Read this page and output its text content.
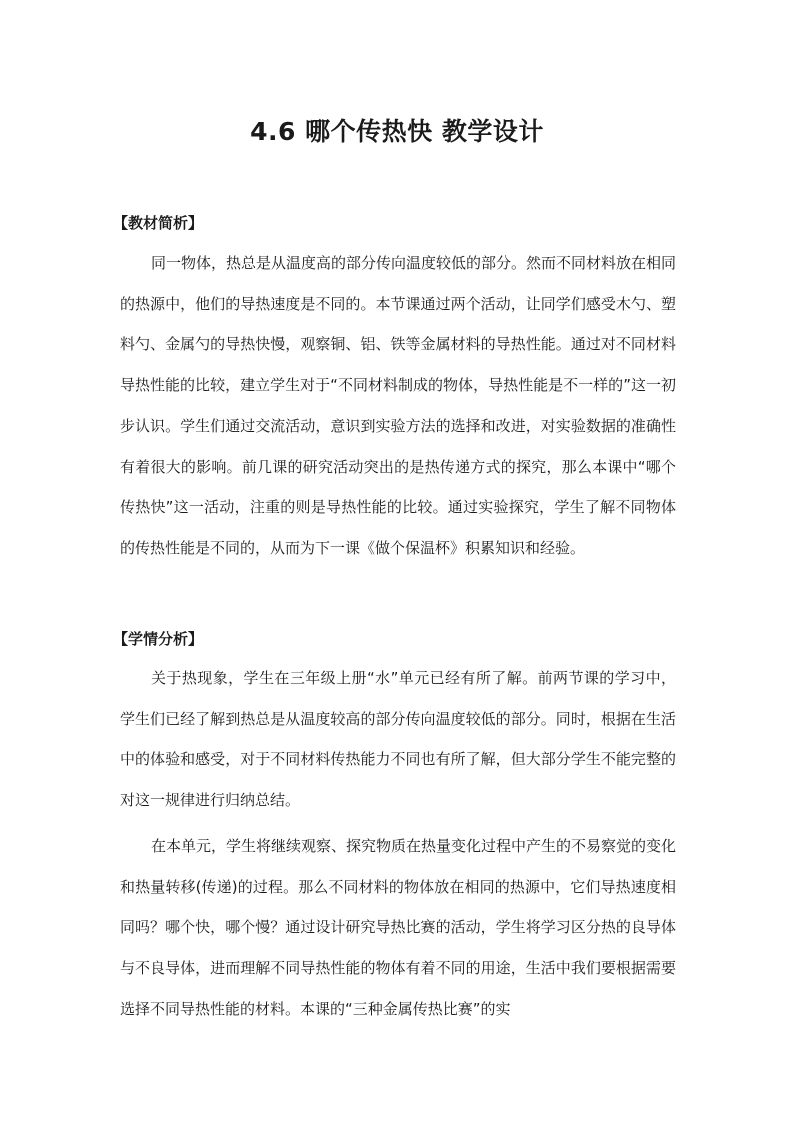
4.6 哪个传热快 教学设计
【教材简析】

同一物体，热总是从温度高的部分传向温度较低的部分。然而不同材料放在相同的热源中，他们的导热速度是不同的。本节课通过两个活动，让同学们感受木勺、塑料勺、金属勺的导热快慢，观察铜、铝、铁等金属材料的导热性能。通过对不同材料导热性能的比较，建立学生对于“不同材料制成的物体，导热性能是不一样的”这一初步认识。学生们通过交流活动，意识到实验方法的选择和改进，对实验数据的准确性有着很大的影响。前几课的研究活动突出的是热传递方式的探究，那么本课中“哪个传热快”这一活动，注重的则是导热性能的比较。通过实验探究，学生了解不同物体的传热性能是不同的，从而为下一课《做个保温杯》积累知识和经验。

【学情分析】

关于热现象，学生在三年级上册“水”单元已经有所了解。前两节课的学习中，学生们已经了解到热总是从温度较高的部分传向温度较低的部分。同时，根据在生活中的体验和感受，对于不同材料传热能力不同也有所了解，但大部分学生不能完整的对这一规律进行归纳总结。

在本单元，学生将继续观察、探究物质在热量变化过程中产生的不易察觉的变化和热量转移(传递)的过程。那么不同材料的物体放在相同的热源中，它们导热速度相同吗？哪个快，哪个慢？通过设计研究导热比赛的活动，学生将学习区分热的良导体与不良导体，进而理解不同导热性能的物体有着不同的用途，生活中我们要根据需要选择不同导热性能的材料。本课的“三种金属传热比赛”的实
